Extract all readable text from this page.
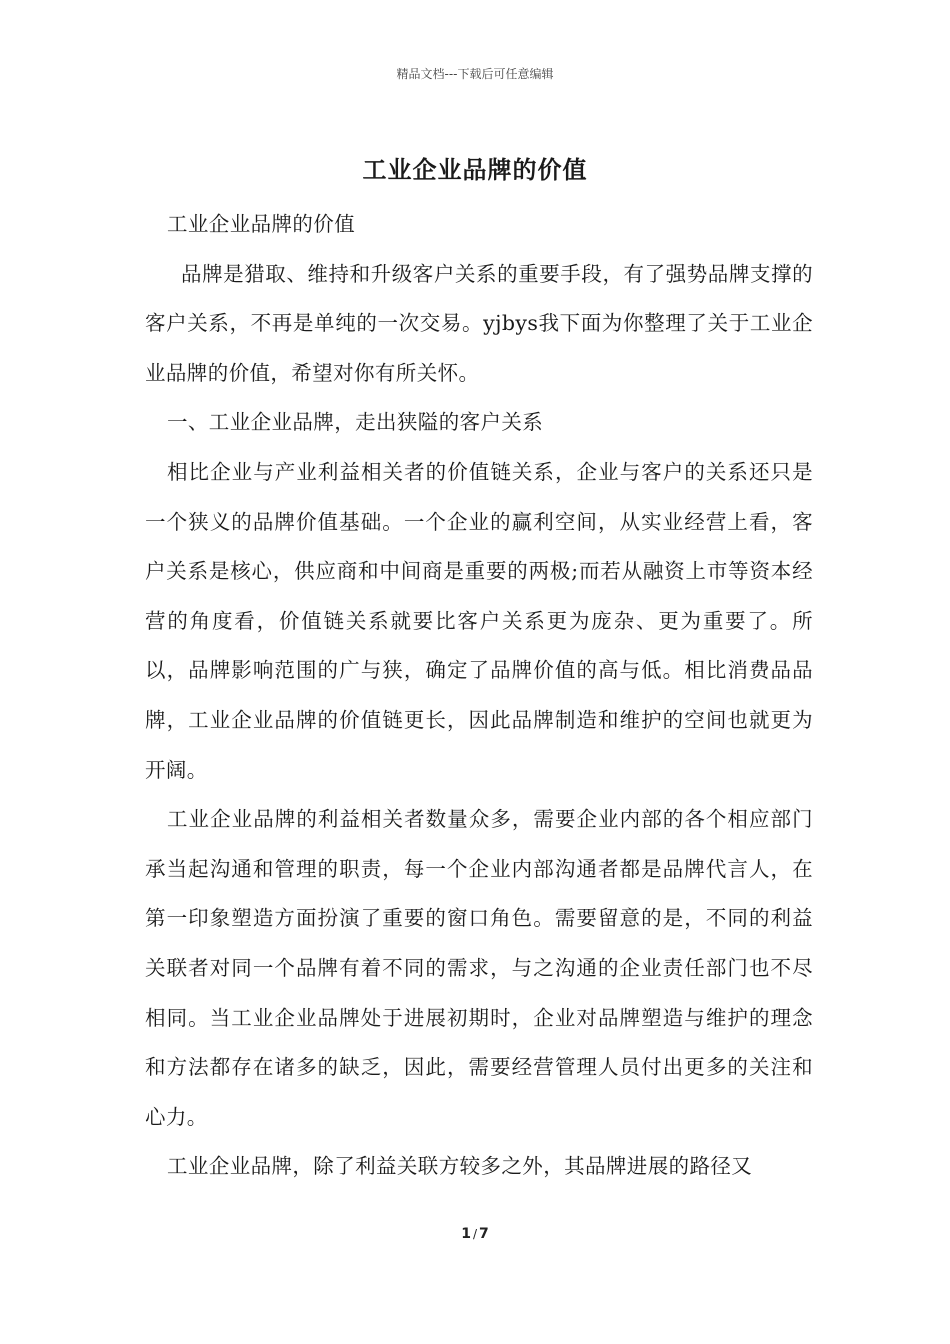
精品文档---下载后可任意编辑
工业企业品牌的价值

工业企业品牌的价值

品牌是猎取、维持和升级客户关系的重要手段，有了强势品牌支撑的客户关系，不再是单纯的一次交易。yjbys我下面为你整理了关于工业企业品牌的价值，希望对你有所关怀。

一、工业企业品牌，走出狭隘的客户关系

相比企业与产业利益相关者的价值链关系，企业与客户的关系还只是一个狭义的品牌价值基础。一个企业的赢利空间，从实业经营上看，客户关系是核心，供应商和中间商是重要的两极;而若从融资上市等资本经营的角度看，价值链关系就要比客户关系更为庞杂、更为重要了。所以，品牌影响范围的广与狭，确定了品牌价值的高与低。相比消费品品牌，工业企业品牌的价值链更长，因此品牌制造和维护的空间也就更为开阔。

工业企业品牌的利益相关者数量众多，需要企业内部的各个相应部门承当起沟通和管理的职责，每一个企业内部沟通者都是品牌代言人，在第一印象塑造方面扮演了重要的窗口角色。需要留意的是，不同的利益关联者对同一个品牌有着不同的需求，与之沟通的企业责任部门也不尽相同。当工业企业品牌处于进展初期时，企业对品牌塑造与维护的理念和方法都存在诸多的缺乏，因此，需要经营管理人员付出更多的关注和心力。

工业企业品牌，除了利益关联方较多之外，其品牌进展的路径又

1 / 7
